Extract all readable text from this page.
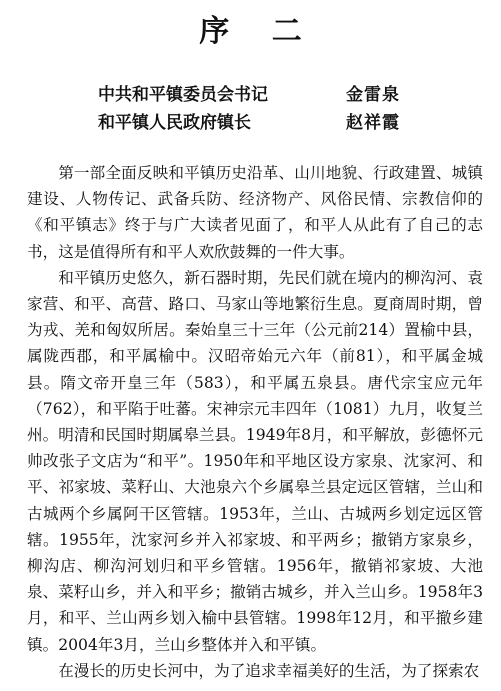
序 二
中共和平镇委员会书记	金雷泉
和平镇人民政府镇长	赵祥霞

第一部全面反映和平镇历史沿革、山川地貌、行政建置、城镇建设、人物传记、武备兵防、经济物产、风俗民情、宗教信仰的《和平镇志》终于与广大读者见面了，和平人从此有了自己的志书，这是值得所有和平人欢欣鼓舞的一件大事。

和平镇历史悠久，新石器时期，先民们就在境内的柳沟河、袁家营、和平、高营、路口、马家山等地繁衍生息。夏商周时期，曾为戎、羌和匈奴所居。秦始皇三十三年（公元前214）置榆中县，属陇西郡，和平属榆中。汉昭帝始元六年（前81），和平属金城县。隋文帝开皇三年（583），和平属五泉县。唐代宗宝应元年（762），和平陷于吐蕃。宋神宗元丰四年（1081）九月，收复兰州。明清和民国时期属皋兰县。1949年8月，和平解放，彭德怀元帅改张子文店为“和平”。1950年和平地区设方家泉、沈家河、和平、祁家坡、菜籽山、大池泉六个乡属皋兰县定远区管辖，兰山和古城两个乡属阿干区管辖。1953年，兰山、古城两乡划定远区管辖。1955年，沈家河乡并入祁家坡、和平两乡；撤销方家泉乡，柳沟店、柳沟河划归和平乡管辖。1956年，撤销祁家坡、大池泉、菜籽山乡，并入和平乡；撤销古城乡，并入兰山乡。1958年3月，和平、兰山两乡划入榆中县管辖。1998年12月，和平撤乡建镇。2004年3月，兰山乡整体并入和平镇。

在漫长的历史长河中，为了追求幸福美好的生活，为了探索农
